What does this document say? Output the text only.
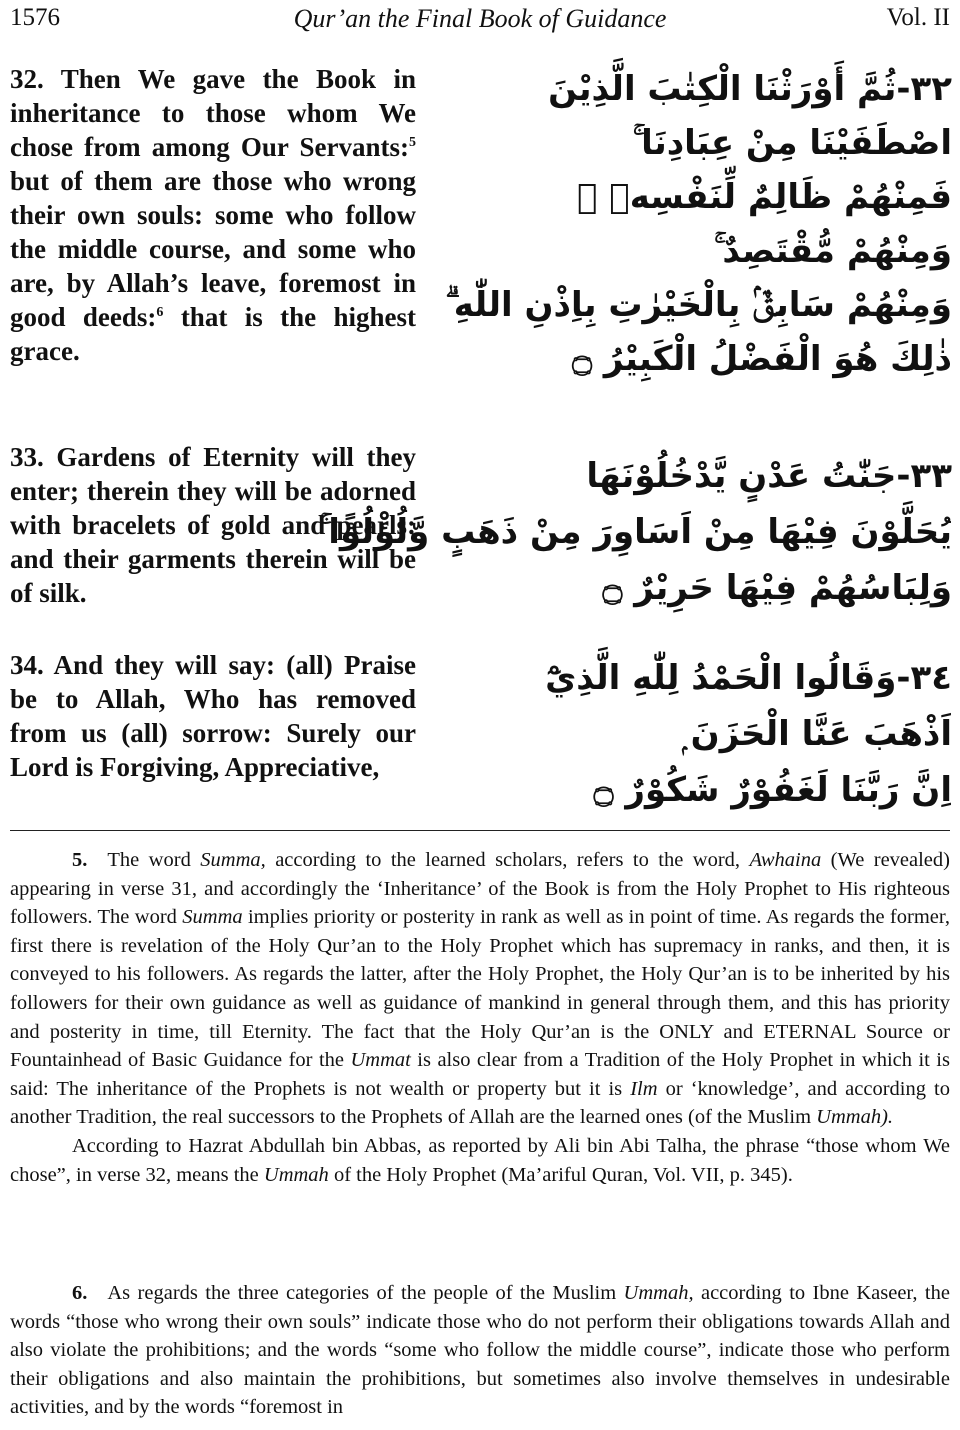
1576	Qur’an the Final Book of Guidance	Vol. II
32. Then We gave the Book in inheritance to those whom We chose from among Our Servants:$^5$ but of them are those who wrong their own souls: some who follow the middle course, and some who are, by Allah’s leave, foremost in good deeds:$^6$ that is the highest grace.
٣٢-ثُمَّ أَوْرَثْنَا الْكِتٰبَ الَّذِيْنَ
اصْطَفَيْنَا مِنْ عِبَادِنَا ۚ
فَمِنْهُمْ ظَالِمٌ لِّنَفْسِهٖ ۚ
وَمِنْهُمْ مُّقْتَصِدٌ ۚ
وَمِنْهُمْ سَابِقٌۢ بِالْخَيْرٰتِ بِاِذْنِ اللّٰهِ ۗ
ذٰلِكَ هُوَ الْفَضْلُ الْكَبِيْرُ ۝
33. Gardens of Eternity will they enter; therein they will be adorned with bracelets of gold and pearls: and their garments therein will be of silk.
٣٣-جَنّٰتُ عَدْنٍ يَّدْخُلُوْنَهَا
يُحَلَّوْنَ فِيْهَا مِنْ اَسَاوِرَ مِنْ ذَهَبٍ وَّلُؤْلُؤًا ۚ
وَلِبَاسُهُمْ فِيْهَا حَرِيْرٌ ۝
34. And they will say: (all) Praise be to Allah, Who has removed from us (all) sorrow: Surely our Lord is Forgiving, Appreciative,
٣٤-وَقَالُوا الْحَمْدُ لِلّٰهِ الَّذِيْٓ
اَذْهَبَ عَنَّا الْحَزَنَ ۭ
اِنَّ رَبَّنَا لَغَفُوْرٌ شَكُوْرٌ ۝
5. The word Summa, according to the learned scholars, refers to the word, Awhaina (We revealed) appearing in verse 31, and accordingly the ‘Inheritance’ of the Book is from the Holy Prophet to His righteous followers. The word Summa implies priority or posterity in rank as well as in point of time. As regards the former, first there is revelation of the Holy Qur’an to the Holy Prophet which has supremacy in ranks, and then, it is conveyed to his followers. As regards the latter, after the Holy Prophet, the Holy Qur’an is to be inherited by his followers for their own guidance as well as guidance of mankind in general through them, and this has priority and posterity in time, till Eternity. The fact that the Holy Qur’an is the ONLY and ETERNAL Source or Fountainhead of Basic Guidance for the Ummat is also clear from a Tradition of the Holy Prophet in which it is said: The inheritance of the Prophets is not wealth or property but it is Ilm or ‘knowledge’, and according to another Tradition, the real successors to the Prophets of Allah are the learned ones (of the Muslim Ummah).
According to Hazrat Abdullah bin Abbas, as reported by Ali bin Abi Talha, the phrase “those whom We chose”, in verse 32, means the Ummah of the Holy Prophet (Ma’ariful Quran, Vol. VII, p. 345).
6. As regards the three categories of the people of the Muslim Ummah, according to Ibne Kaseer, the words “those who wrong their own souls” indicate those who do not perform their obligations towards Allah and also violate the prohibitions; and the words “some who follow the middle course”, indicate those who perform their obligations and also maintain the prohibitions, but sometimes also involve themselves in undesirable activities, and by the words “foremost in
